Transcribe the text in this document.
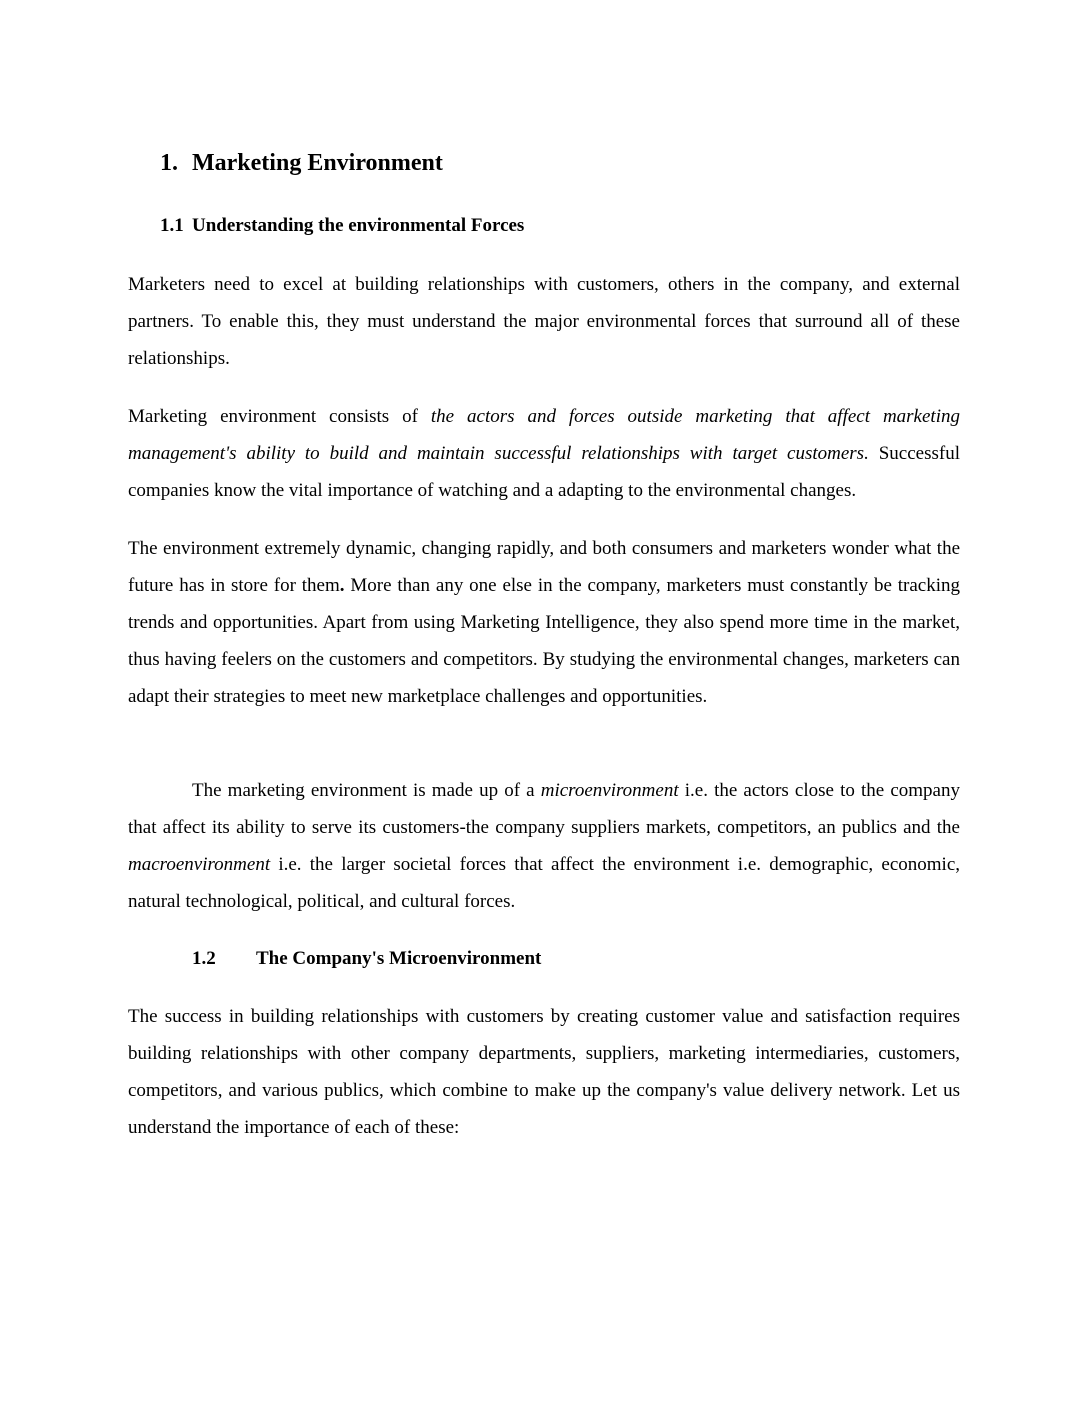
1. Marketing Environment
1.1 Understanding the environmental Forces

Marketers need to excel at building relationships with customers, others in the company, and external partners. To enable this, they must understand the major environmental forces that surround all of these relationships.

Marketing environment consists of the actors and forces outside marketing that affect marketing management's ability to build and maintain successful relationships with target customers. Successful companies know the vital importance of watching and a adapting to the environmental changes.

The environment extremely dynamic, changing rapidly, and both consumers and marketers wonder what the future has in store for them. More than any one else in the company, marketers must constantly be tracking trends and opportunities. Apart from using Marketing Intelligence, they also spend more time in the market, thus having feelers on the customers and competitors. By studying the environmental changes, marketers can adapt their strategies to meet new marketplace challenges and opportunities.

The marketing environment is made up of a microenvironment i.e. the actors close to the company that affect its ability to serve its customers-the company suppliers markets, competitors, an publics and the macroenvironment i.e. the larger societal forces that affect the environment i.e. demographic, economic, natural technological, political, and cultural forces.

1.2 The Company's Microenvironment

The success in building relationships with customers by creating customer value and satisfaction requires building relationships with other company departments, suppliers, marketing intermediaries, customers, competitors, and various publics, which combine to make up the company's value delivery network. Let us understand the importance of each of these:
